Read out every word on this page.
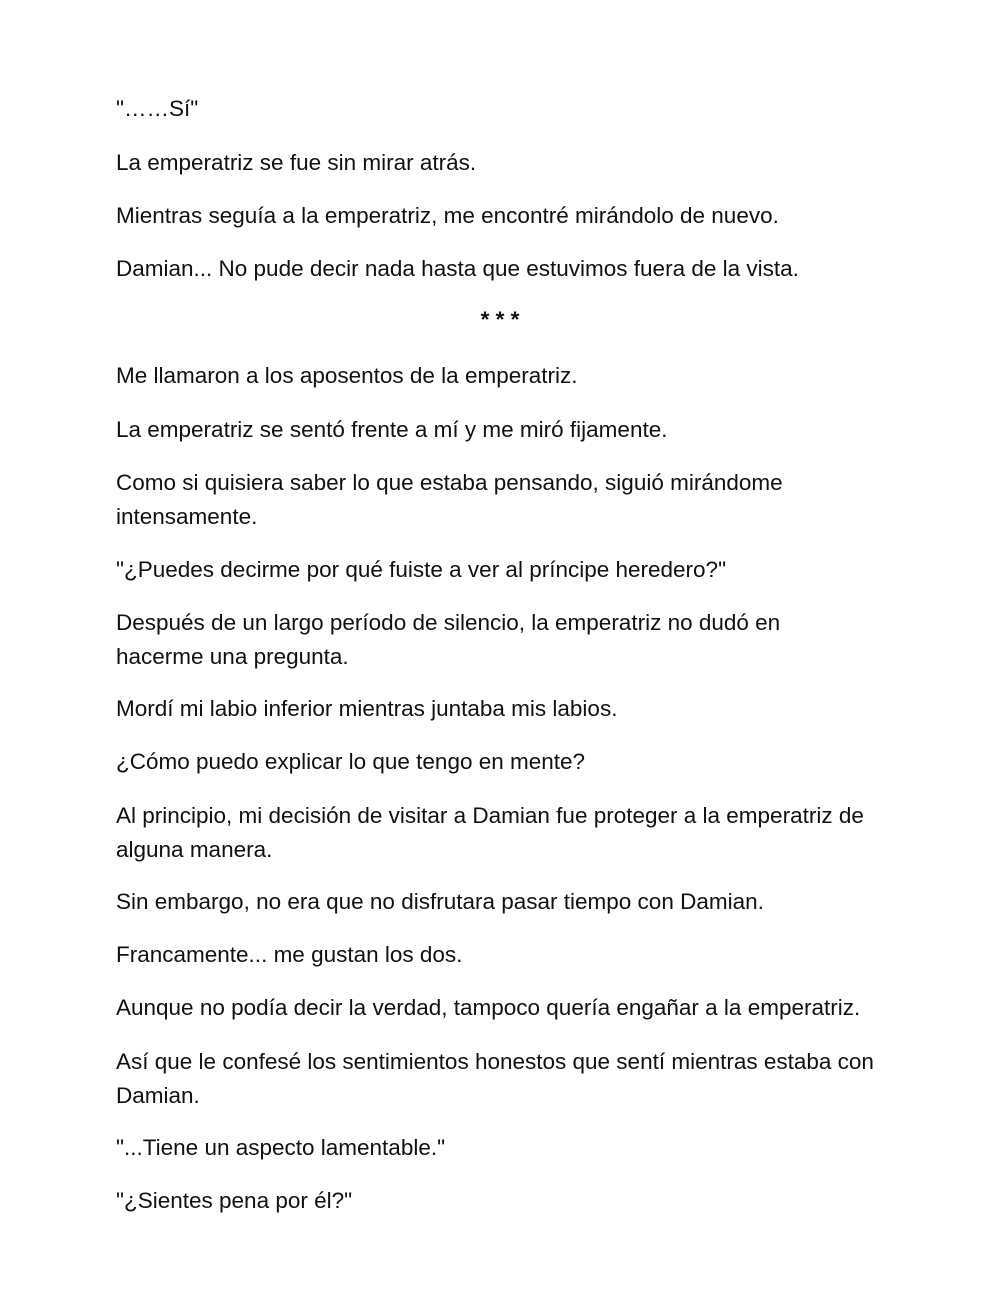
"……Sí"

La emperatriz se fue sin mirar atrás.

Mientras seguía a la emperatriz, me encontré mirándolo de nuevo.

Damian... No pude decir nada hasta que estuvimos fuera de la vista.

* * *

Me llamaron a los aposentos de la emperatriz.

La emperatriz se sentó frente a mí y me miró fijamente.

Como si quisiera saber lo que estaba pensando, siguió mirándome intensamente.

"¿Puedes decirme por qué fuiste a ver al príncipe heredero?"

Después de un largo período de silencio, la emperatriz no dudó en hacerme una pregunta.

Mordí mi labio inferior mientras juntaba mis labios.

¿Cómo puedo explicar lo que tengo en mente?

Al principio, mi decisión de visitar a Damian fue proteger a la emperatriz de alguna manera.

Sin embargo, no era que no disfrutara pasar tiempo con Damian.

Francamente... me gustan los dos.

Aunque no podía decir la verdad, tampoco quería engañar a la emperatriz.

Así que le confesé los sentimientos honestos que sentí mientras estaba con Damian.

"...Tiene un aspecto lamentable."

"¿Sientes pena por él?"
